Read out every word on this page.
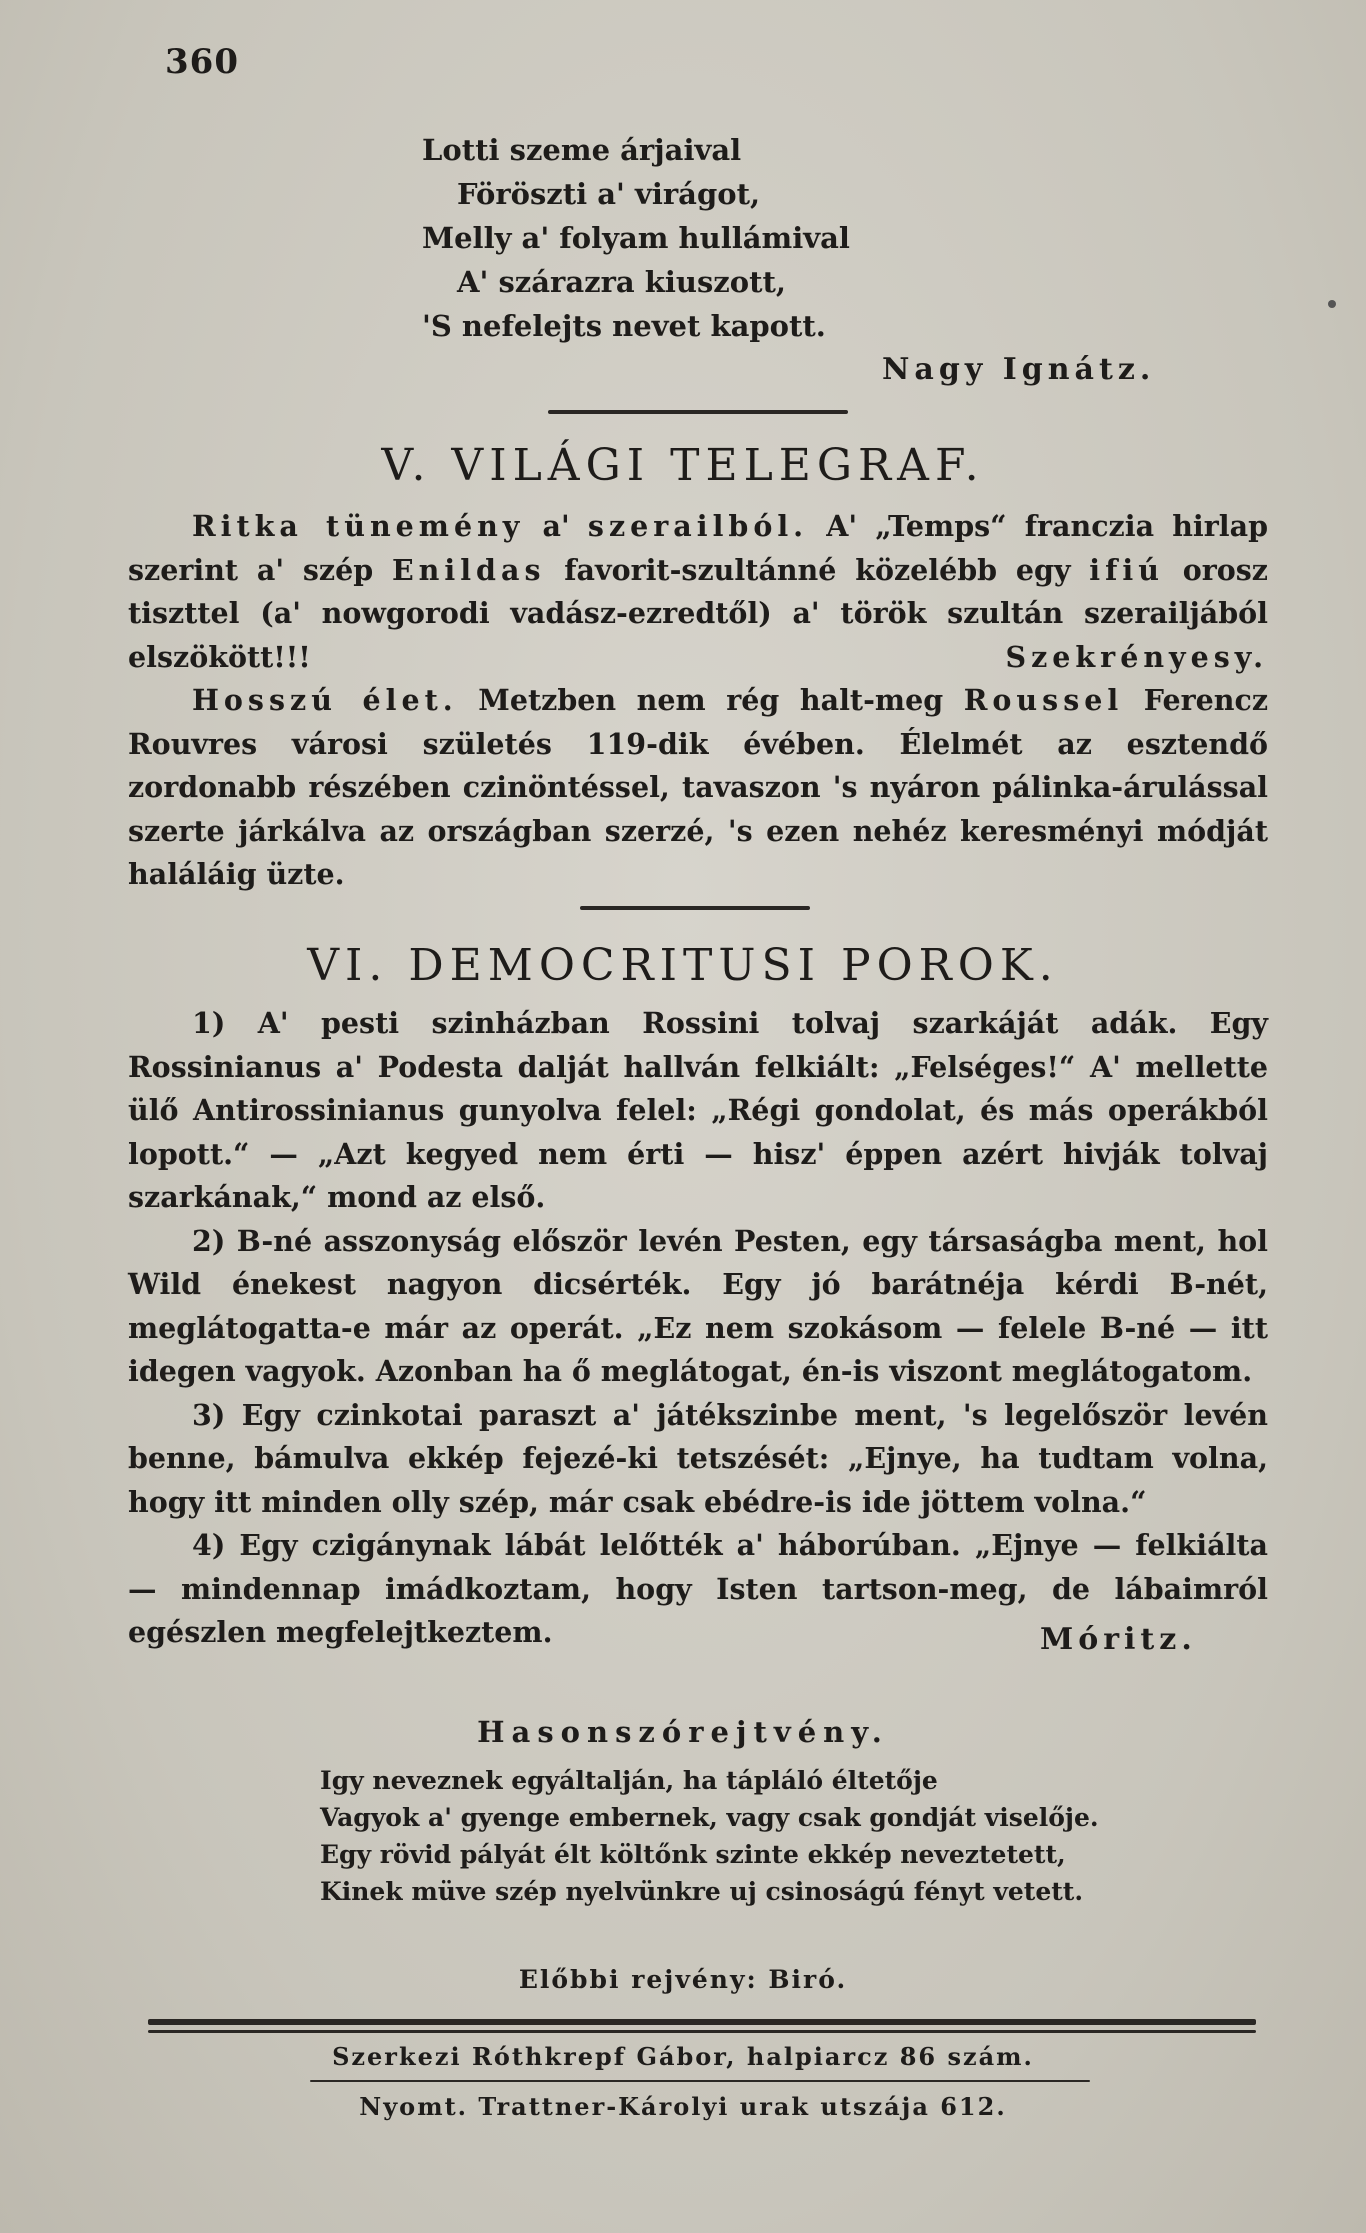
360
Lotti szeme árjaival
Föröszti a' virágot,
Melly a' folyam hullámival
A' szárazra kiuszott,
'S nefelejts nevet kapott.
Nagy Ignátz.
V. VILÁGI TELEGRAF.

Ritka tünemény a' szerailból. A' „Temps“ franczia hirlap szerint a' szép Enildas favorit-szultánné közelébb egy ifiú orosz tiszttel (a' nowgorodi vadász-ezredtől) a' török szultán szerailjából elszökött!!!	Szekrényesy.

Hosszú élet. Metzben nem rég halt-meg Roussel Ferencz Rouvres városi születés 119-dik évében. Élelmét az esztendő zordonabb részében czinöntéssel, tavaszon 's nyáron pálinka-árulással szerte járkálva az országban szerzé, 's ezen nehéz keresményi módját haláláig üzte.

VI. DEMOCRITUSI POROK.

1) A' pesti szinházban Rossini tolvaj szarkáját adák. Egy Rossinianus a' Podesta dalját hallván felkiált: „Felséges!“ A' mellette ülő Antirossinianus gunyolva felel: „Régi gondolat, és más operákból lopott.“ — „Azt kegyed nem érti — hisz' éppen azért hivják tolvaj szarkának,“ mond az első.

2) B-né asszonyság először levén Pesten, egy társaságba ment, hol Wild énekest nagyon dicsérték. Egy jó barátnéja kérdi B-nét, meglátogatta-e már az operát. „Ez nem szokásom — felele B-né — itt idegen vagyok. Azonban ha ő meglátogat, én-is viszont meglátogatom.

3) Egy czinkotai paraszt a' játékszinbe ment, 's legelőször levén benne, bámulva ekkép fejezé-ki tetszését: „Ejnye, ha tudtam volna, hogy itt minden olly szép, már csak ebédre-is ide jöttem volna.“

4) Egy czigánynak lábát lelőtték a' háborúban. „Ejnye — felkiálta — mindennap imádkoztam, hogy Isten tartson-meg, de lábaimról egészlen megfelejtkeztem.	Móritz.
Hasonszórejtvény.
Igy neveznek egyáltalján, ha tápláló éltetője
Vagyok a' gyenge embernek, vagy csak gondját viselője.
Egy rövid pályát élt költőnk szinte ekkép neveztetett,
Kinek müve szép nyelvünkre uj csinoságú fényt vetett.
Előbbi rejvény: Biró.
Szerkezi Róthkrepf Gábor, halpiarcz 86 szám.
Nyomt. Trattner-Károlyi urak utszája 612.
